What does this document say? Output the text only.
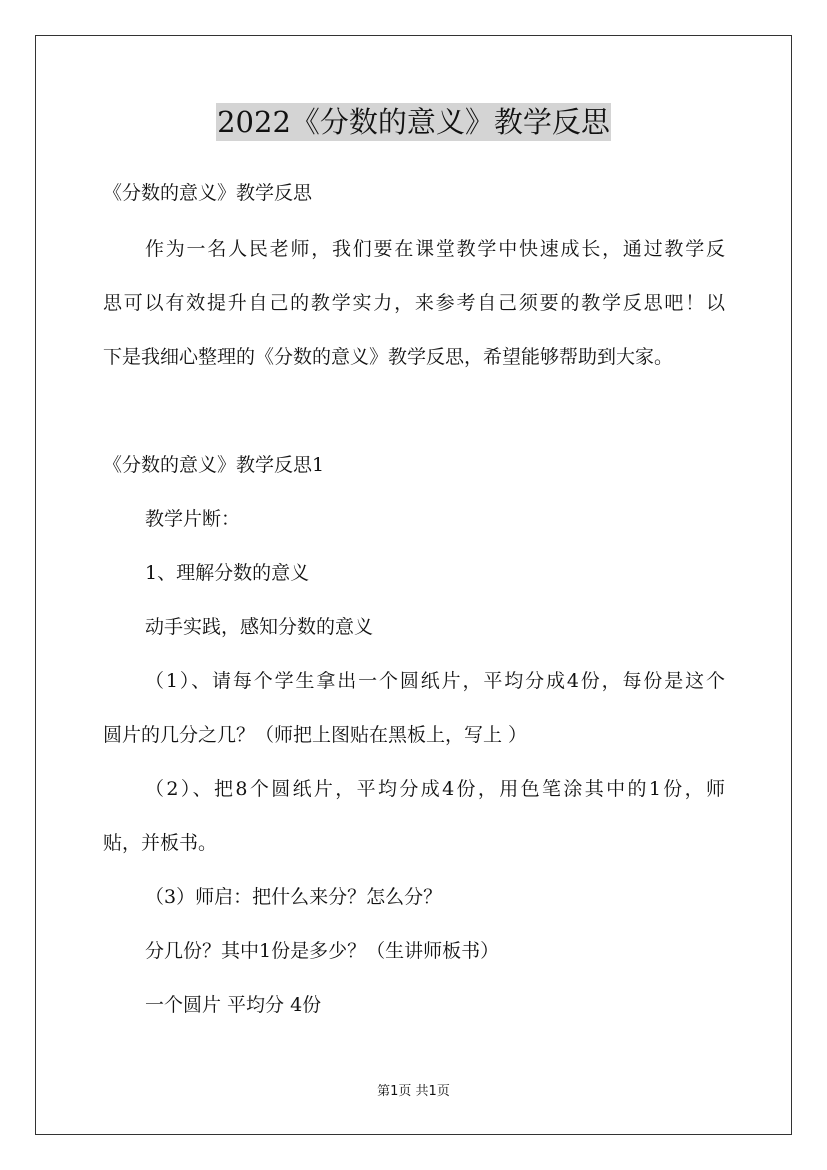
2022《分数的意义》教学反思
《分数的意义》教学反思
作为一名人民老师，我们要在课堂教学中快速成长，通过教学反
思可以有效提升自己的教学实力，来参考自己须要的教学反思吧！以
下是我细心整理的《分数的意义》教学反思，希望能够帮助到大家。
《分数的意义》教学反思1
教学片断：
1、理解分数的意义
动手实践，感知分数的意义
（1）、请每个学生拿出一个圆纸片，平均分成4份，每份是这个
圆片的几分之几？（师把上图贴在黑板上，写上 ）
（2）、把8个圆纸片，平均分成4份，用色笔涂其中的1份，师
贴，并板书。
（3）师启：把什么来分？怎么分？
分几份？其中1份是多少？（生讲师板书）
一个圆片 平均分 4份
第1页 共1页
